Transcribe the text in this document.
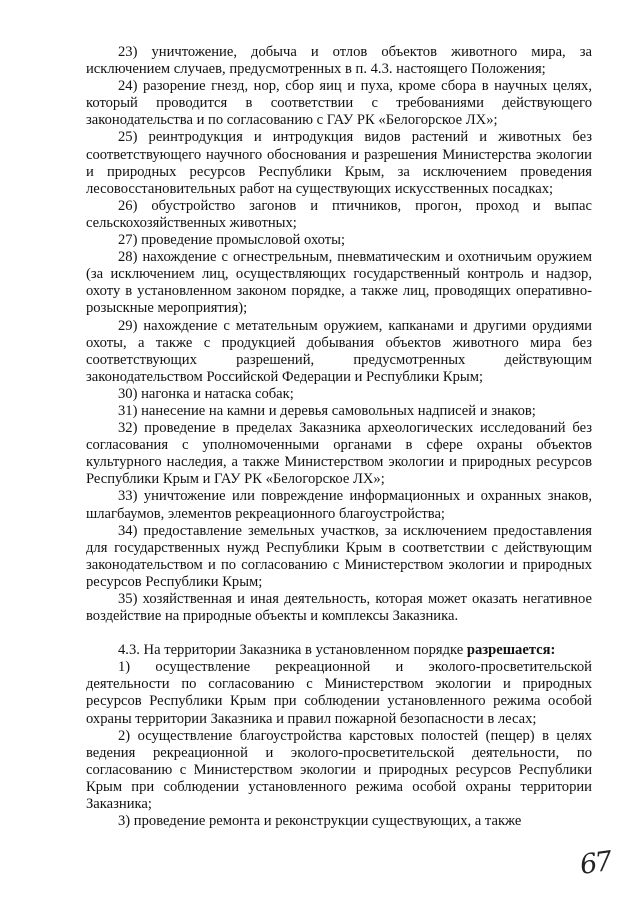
23) уничтожение, добыча и отлов объектов животного мира, за исключением случаев, предусмотренных в п. 4.3. настоящего Положения;

24) разорение гнезд, нор, сбор яиц и пуха, кроме сбора в научных целях, который проводится в соответствии с требованиями действующего законодательства и по согласованию с ГАУ РК «Белогорское ЛХ»;

25) реинтродукция и интродукция видов растений и животных без соответствующего научного обоснования и разрешения Министерства экологии и природных ресурсов Республики Крым, за исключением проведения лесовосстановительных работ на существующих искусственных посадках;

26) обустройство загонов и птичников, прогон, проход и выпас сельскохозяйственных животных;

27) проведение промысловой охоты;

28) нахождение с огнестрельным, пневматическим и охотничьим оружием (за исключением лиц, осуществляющих государственный контроль и надзор, охоту в установленном законом порядке, а также лиц, проводящих оперативно-розыскные мероприятия);

29) нахождение с метательным оружием, капканами и другими орудиями охоты, а также с продукцией добывания объектов животного мира без соответствующих разрешений, предусмотренных действующим законодательством Российской Федерации и Республики Крым;

30) нагонка и натаска собак;

31) нанесение на камни и деревья самовольных надписей и знаков;

32) проведение в пределах Заказника археологических исследований без согласования с уполномоченными органами в сфере охраны объектов культурного наследия, а также Министерством экологии и природных ресурсов Республики Крым и ГАУ РК «Белогорское ЛХ»;

33) уничтожение или повреждение информационных и охранных знаков, шлагбаумов, элементов рекреационного благоустройства;

34) предоставление земельных участков, за исключением предоставления для государственных нужд Республики Крым в соответствии с действующим законодательством и по согласованию с Министерством экологии и природных ресурсов Республики Крым;

35) хозяйственная и иная деятельность, которая может оказать негативное воздействие на природные объекты и комплексы Заказника.

4.3. На территории Заказника в установленном порядке разрешается:

1) осуществление рекреационной и эколого-просветительской деятельности по согласованию с Министерством экологии и природных ресурсов Республики Крым при соблюдении установленного режима особой охраны территории Заказника и правил пожарной безопасности в лесах;

2) осуществление благоустройства карстовых полостей (пещер) в целях ведения рекреационной и эколого-просветительской деятельности, по согласованию с Министерством экологии и природных ресурсов Республики Крым при соблюдении установленного режима особой охраны территории Заказника;

3) проведение ремонта и реконструкции существующих, а также

67
